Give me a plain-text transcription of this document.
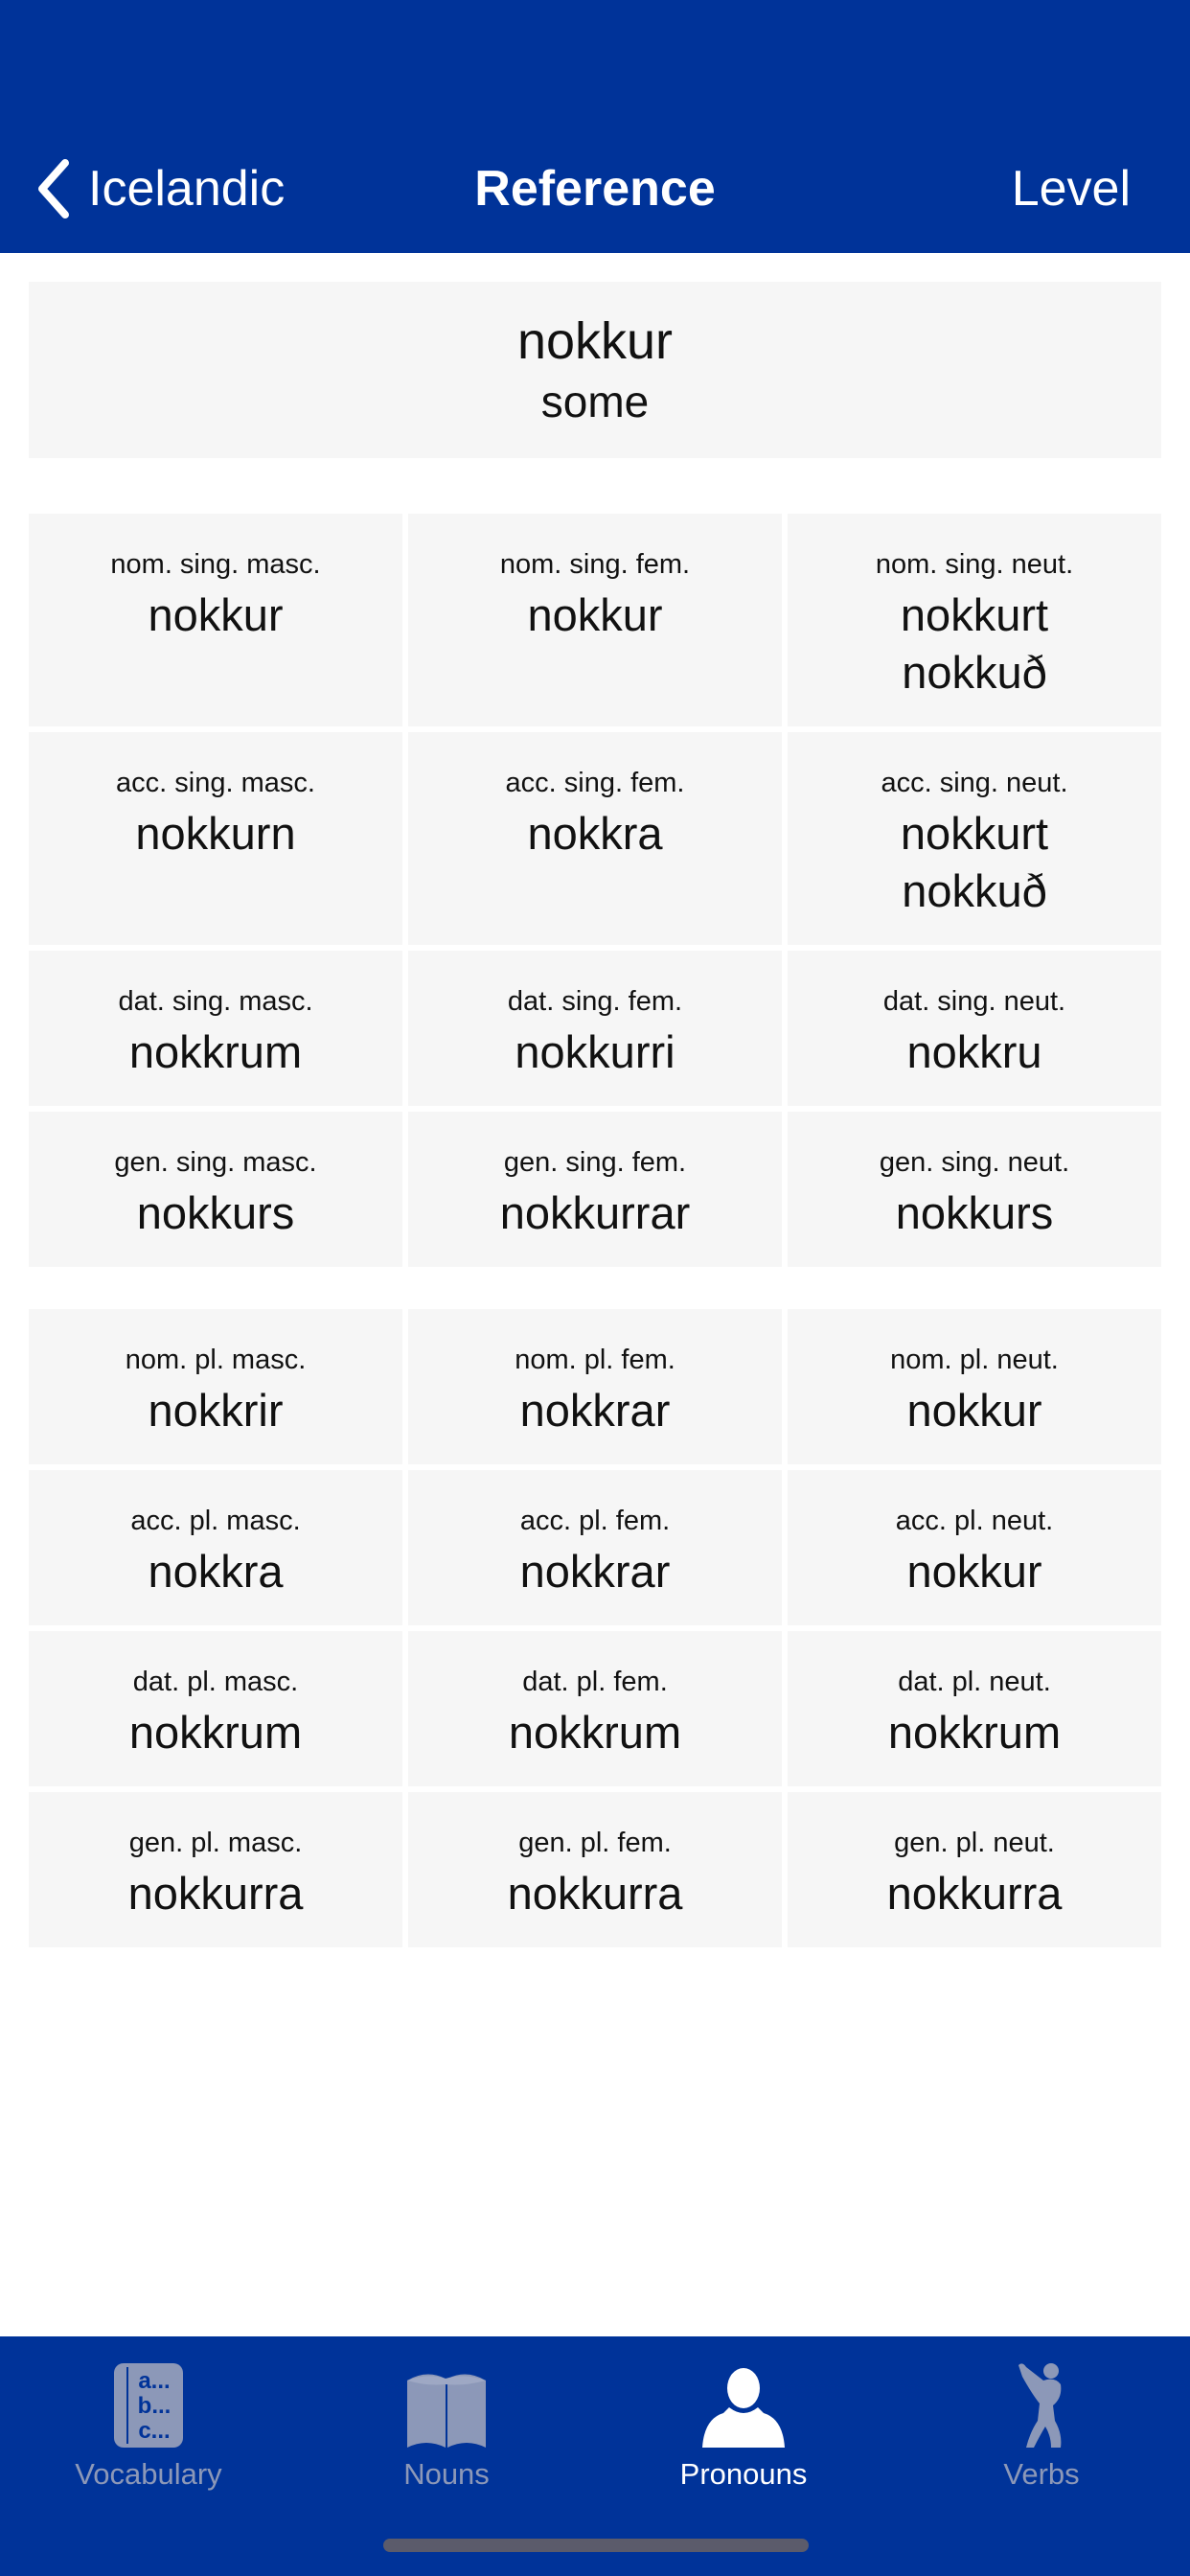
Icelandic	Reference	Level
nokkur
some
nom. sing. masc.
nokkur
nom. sing. fem.
nokkur
nom. sing. neut.
nokkurt
nokkuð
acc. sing. masc.
nokkurn
acc. sing. fem.
nokkra
acc. sing. neut.
nokkurt
nokkuð
dat. sing. masc.
nokkrum
dat. sing. fem.
nokkurri
dat. sing. neut.
nokkru
gen. sing. masc.
nokkurs
gen. sing. fem.
nokkurrar
gen. sing. neut.
nokkurs
nom. pl. masc.
nokkrir
nom. pl. fem.
nokkrar
nom. pl. neut.
nokkur
acc. pl. masc.
nokkra
acc. pl. fem.
nokkrar
acc. pl. neut.
nokkur
dat. pl. masc.
nokkrum
dat. pl. fem.
nokkrum
dat. pl. neut.
nokkrum
gen. pl. masc.
nokkurra
gen. pl. fem.
nokkurra
gen. pl. neut.
nokkurra
a...
b...
c...
Vocabulary	Nouns	Pronouns	Verbs
